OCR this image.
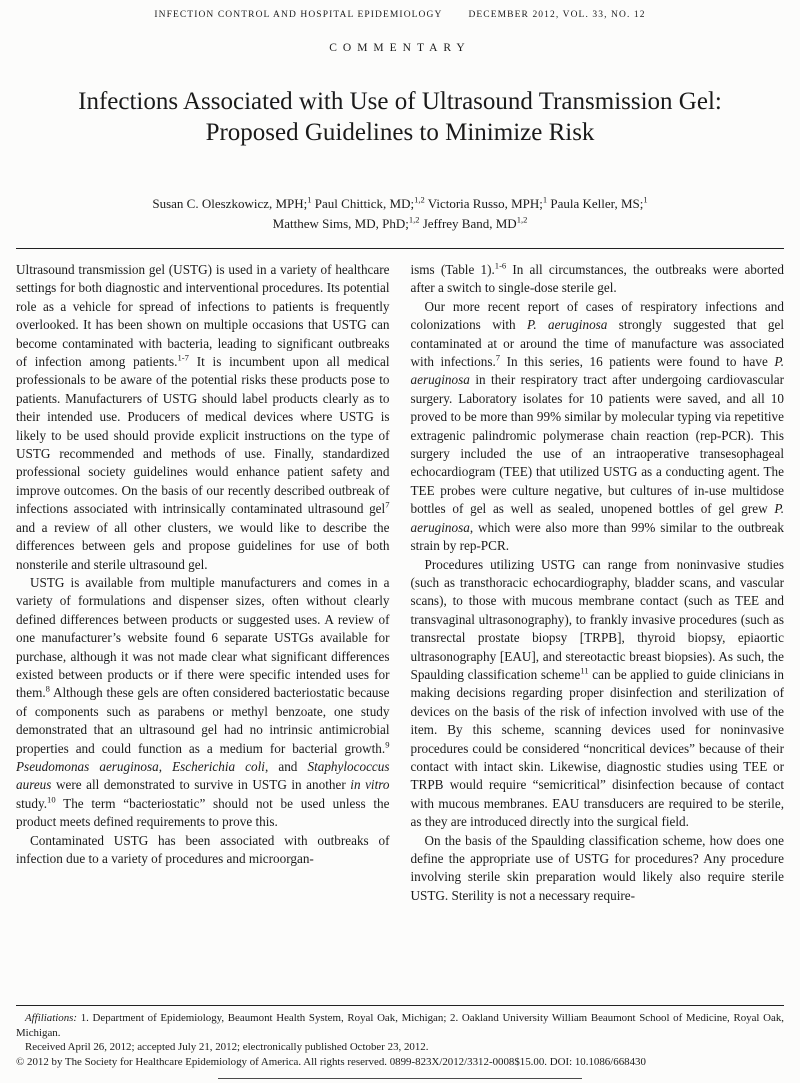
INFECTION CONTROL AND HOSPITAL EPIDEMIOLOGY	DECEMBER 2012, VOL. 33, NO. 12
COMMENTARY
Infections Associated with Use of Ultrasound Transmission Gel:
Proposed Guidelines to Minimize Risk
Susan C. Oleszkowicz, MPH;$^1$ Paul Chittick, MD;$^{1,2}$ Victoria Russo, MPH;$^1$ Paula Keller, MS;$^1$
Matthew Sims, MD, PhD;$^{1,2}$ Jeffrey Band, MD$^{1,2}$

Ultrasound transmission gel (USTG) is used in a variety of healthcare settings for both diagnostic and interventional procedures. Its potential role as a vehicle for spread of infections to patients is frequently overlooked. It has been shown on multiple occasions that USTG can become contaminated with bacteria, leading to significant outbreaks of infection among patients.$^{1-7}$ It is incumbent upon all medical professionals to be aware of the potential risks these products pose to patients. Manufacturers of USTG should label products clearly as to their intended use. Producers of medical devices where USTG is likely to be used should provide explicit instructions on the type of USTG recommended and methods of use. Finally, standardized professional society guidelines would enhance patient safety and improve outcomes. On the basis of our recently described outbreak of infections associated with intrinsically contaminated ultrasound gel$^7$ and a review of all other clusters, we would like to describe the differences between gels and propose guidelines for use of both nonsterile and sterile ultrasound gel.

USTG is available from multiple manufacturers and comes in a variety of formulations and dispenser sizes, often without clearly defined differences between products or suggested uses. A review of one manufacturer’s website found 6 separate USTGs available for purchase, although it was not made clear what significant differences existed between products or if there were specific intended uses for them.$^8$ Although these gels are often considered bacteriostatic because of components such as parabens or methyl benzoate, one study demonstrated that an ultrasound gel had no intrinsic antimicrobial properties and could function as a medium for bacterial growth.$^9$ Pseudomonas aeruginosa, Escherichia coli, and Staphylococcus aureus were all demonstrated to survive in USTG in another in vitro study.$^{10}$ The term “bacteriostatic” should not be used unless the product meets defined requirements to prove this.

Contaminated USTG has been associated with outbreaks of infection due to a variety of procedures and microorgan-

isms (Table 1).$^{1-6}$ In all circumstances, the outbreaks were aborted after a switch to single-dose sterile gel.

Our more recent report of cases of respiratory infections and colonizations with P. aeruginosa strongly suggested that gel contaminated at or around the time of manufacture was associated with infections.$^7$ In this series, 16 patients were found to have P. aeruginosa in their respiratory tract after undergoing cardiovascular surgery. Laboratory isolates for 10 patients were saved, and all 10 proved to be more than 99% similar by molecular typing via repetitive extragenic palindromic polymerase chain reaction (rep-PCR). This surgery included the use of an intraoperative transesophageal echocardiogram (TEE) that utilized USTG as a conducting agent. The TEE probes were culture negative, but cultures of in-use multidose bottles of gel as well as sealed, unopened bottles of gel grew P. aeruginosa, which were also more than 99% similar to the outbreak strain by rep-PCR.

Procedures utilizing USTG can range from noninvasive studies (such as transthoracic echocardiography, bladder scans, and vascular scans), to those with mucous membrane contact (such as TEE and transvaginal ultrasonography), to frankly invasive procedures (such as transrectal prostate biopsy [TRPB], thyroid biopsy, epiaortic ultrasonography [EAU], and stereotactic breast biopsies). As such, the Spaulding classification scheme$^{11}$ can be applied to guide clinicians in making decisions regarding proper disinfection and sterilization of devices on the basis of the risk of infection involved with use of the item. By this scheme, scanning devices used for noninvasive procedures could be considered “noncritical devices” because of their contact with intact skin. Likewise, diagnostic studies using TEE or TRPB would require “semicritical” disinfection because of contact with mucous membranes. EAU transducers are required to be sterile, as they are introduced directly into the surgical field.

On the basis of the Spaulding classification scheme, how does one define the appropriate use of USTG for procedures? Any procedure involving sterile skin preparation would likely also require sterile USTG. Sterility is not a necessary require-

Affiliations: 1. Department of Epidemiology, Beaumont Health System, Royal Oak, Michigan; 2. Oakland University William Beaumont School of Medicine, Royal Oak, Michigan.

Received April 26, 2012; accepted July 21, 2012; electronically published October 23, 2012.

© 2012 by The Society for Healthcare Epidemiology of America. All rights reserved. 0899-823X/2012/3312-0008$15.00. DOI: 10.1086/668430
